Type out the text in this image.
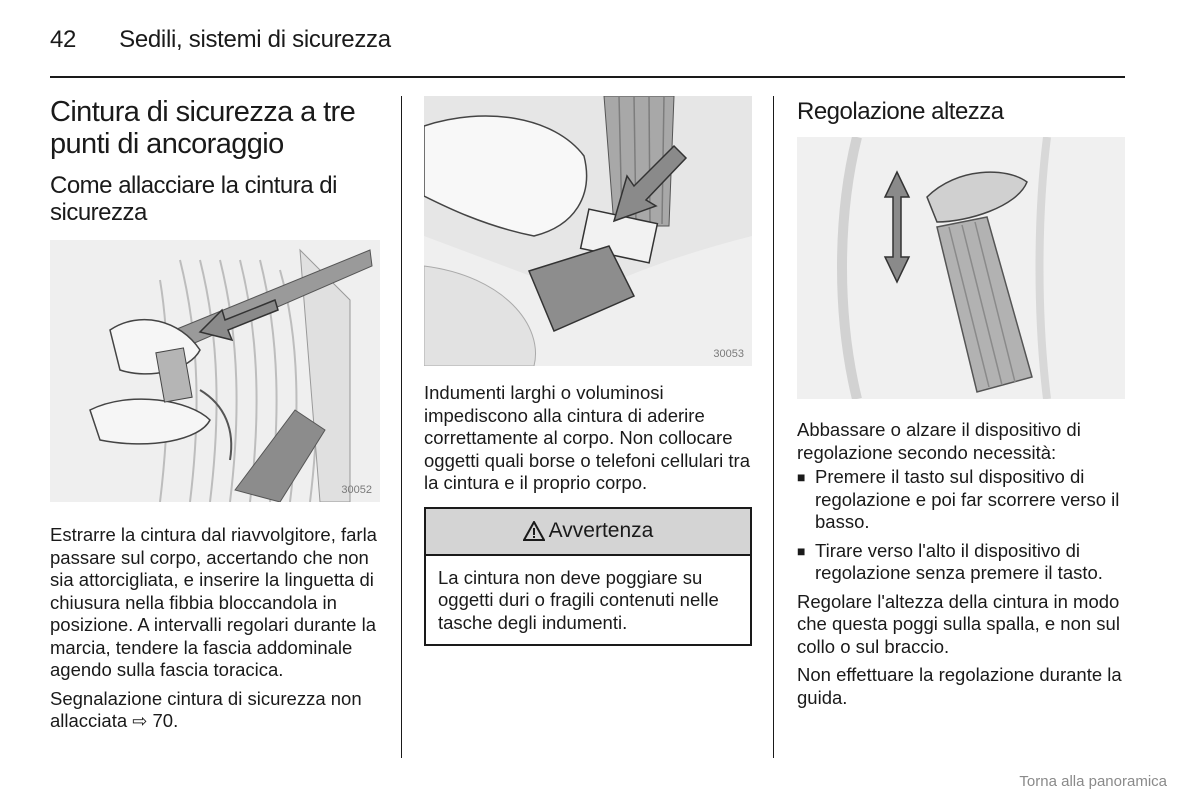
42 Sedili, sistemi di sicurezza
Cintura di sicurezza a tre punti di ancoraggio
Come allacciare la cintura di sicurezza
30052

Estrarre la cintura dal riavvolgitore, farla passare sul corpo, accertando che non sia attorcigliata, e inserire la linguetta di chiusura nella fibbia bloccandola in posizione. A intervalli regolari durante la marcia, tendere la fascia addominale agendo sulla fascia toracica.

Segnalazione cintura di sicurezza non allacciata ⇨ 70.

30053

Indumenti larghi o voluminosi impediscono alla cintura di aderire correttamente al corpo. Non collocare oggetti quali borse o telefoni cellulari tra la cintura e il proprio corpo.

Avvertenza

La cintura non deve poggiare su oggetti duri o fragili contenuti nelle tasche degli indumenti.

Regolazione altezza

Abbassare o alzare il dispositivo di regolazione secondo necessità:

■ Premere il tasto sul dispositivo di regolazione e poi far scorrere verso il basso.

■ Tirare verso l'alto il dispositivo di regolazione senza premere il tasto.

Regolare l'altezza della cintura in modo che questa poggi sulla spalla, e non sul collo o sul braccio.

Non effettuare la regolazione durante la guida.

Torna alla panoramica
